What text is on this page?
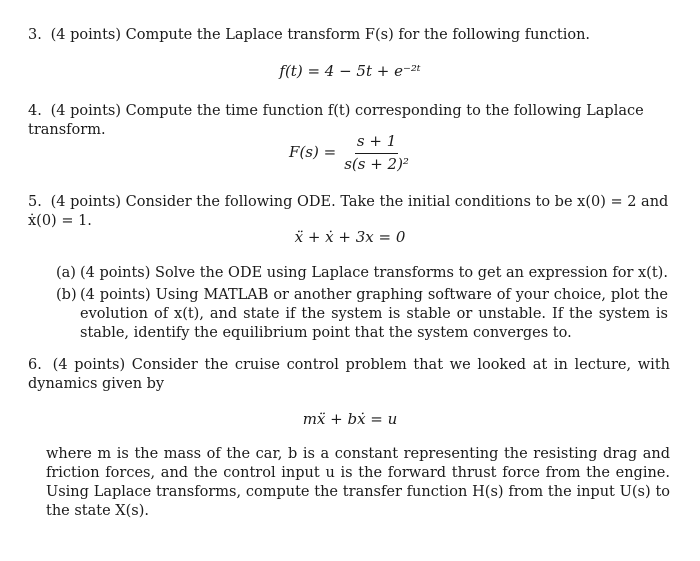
3. (4 points) Compute the Laplace transform F(s) for the following function.
f(t) = 4 − 5t + e⁻²ᵗ
4. (4 points) Compute the time function f(t) corresponding to the following Laplace transform.
$F(s) = \frac{s + 1}{\text{s(s + 2)²}}$
5. (4 points) Consider the following ODE. Take the initial conditions to be x(0) = 2 and ẋ(0) = 1.
ẍ + ẋ + 3x = 0
(a) (4 points) Solve the ODE using Laplace transforms to get an expression for x(t).
(b) (4 points) Using MATLAB or another graphing software of your choice, plot the evolution of x(t), and state if the system is stable or unstable. If the system is stable, identify the equilibrium point that the system converges to.
6. (4 points) Consider the cruise control problem that we looked at in lecture, with dynamics given by
mẍ + bẋ = u
where m is the mass of the car, b is a constant representing the resisting drag and friction forces, and the control input u is the forward thrust force from the engine. Using Laplace transforms, compute the transfer function H(s) from the input U(s) to the state X(s).
